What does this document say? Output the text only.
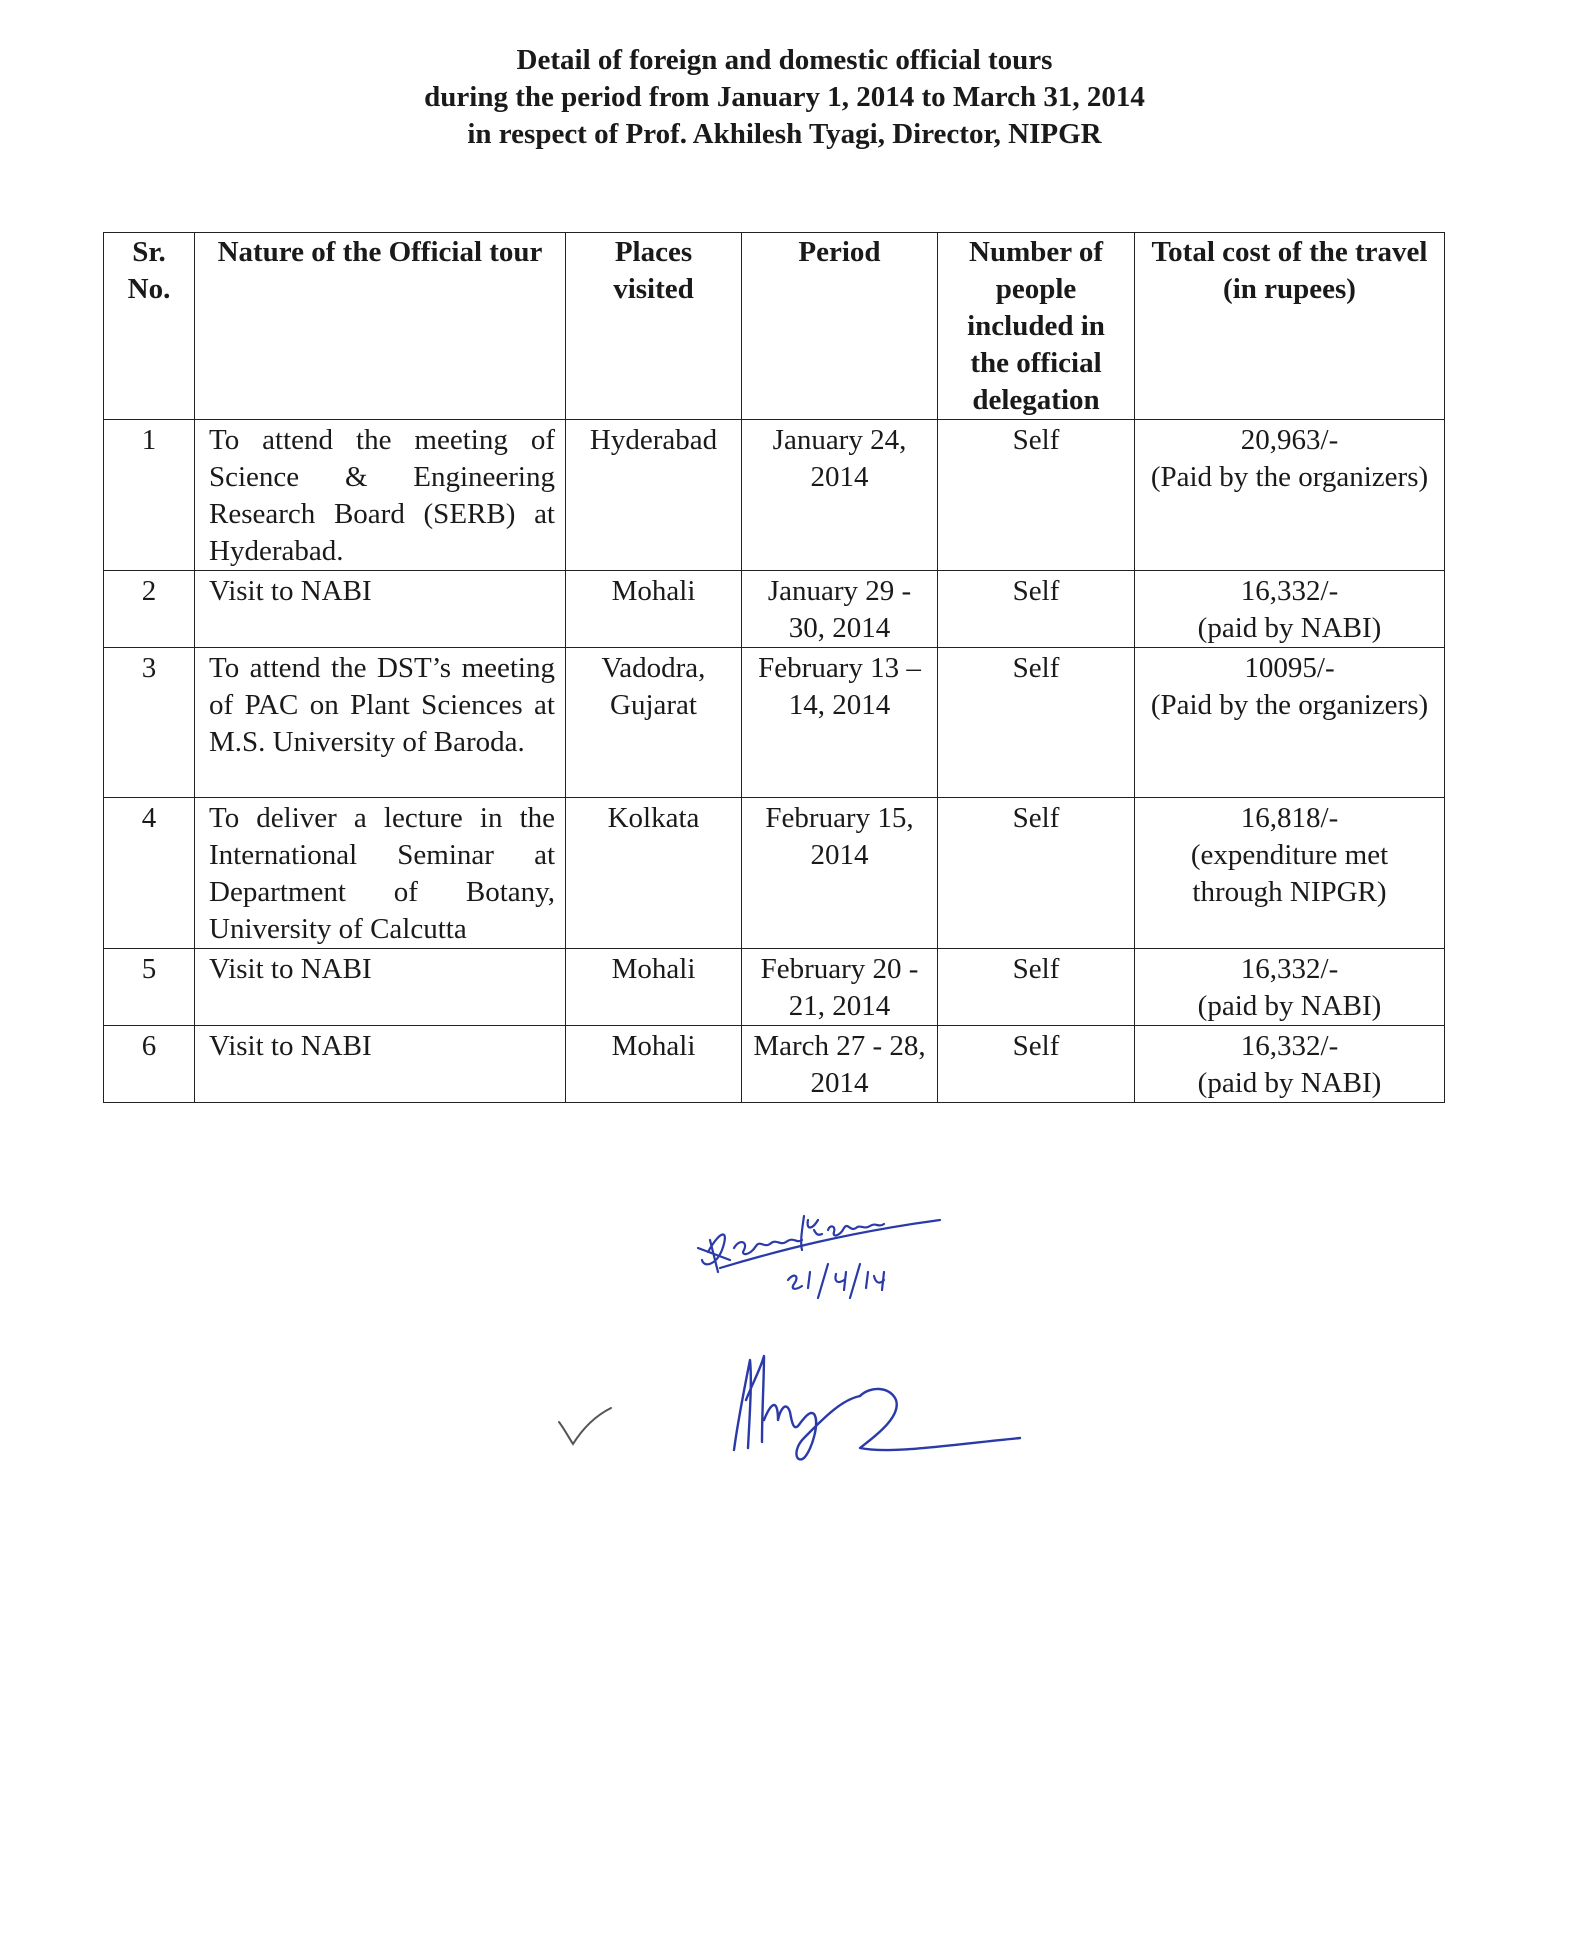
Detail of foreign and domestic official tours
during the period from January 1, 2014 to March 31, 2014
in respect of Prof. Akhilesh Tyagi, Director, NIPGR
Sr. No.	Nature of the Official tour	Places visited	Period	Number of people included in the official delegation	Total cost of the travel (in rupees)
1	To attend the meeting of Science & Engineering Research Board (SERB) at Hyderabad.	Hyderabad	January 24, 2014	Self	20,963/-
(Paid by the organizers)

2	Visit to NABI	Mohali	January 29 - 30, 2014	Self	16,332/-
(paid by NABI)

3	To attend the DST’s meeting of PAC on Plant Sciences at M.S. University of Baroda.	Vadodra, Gujarat	February 13 – 14, 2014	Self	10095/-
(Paid by the organizers)

4	To deliver a lecture in the International Seminar at Department of Botany, University of Calcutta	Kolkata	February 15, 2014	Self	16,818/-
(expenditure met through NIPGR)

5	Visit to NABI	Mohali	February 20 - 21, 2014	Self	16,332/-
(paid by NABI)

6	Visit to NABI	Mohali	March 27 - 28, 2014	Self	16,332/-
(paid by NABI)
